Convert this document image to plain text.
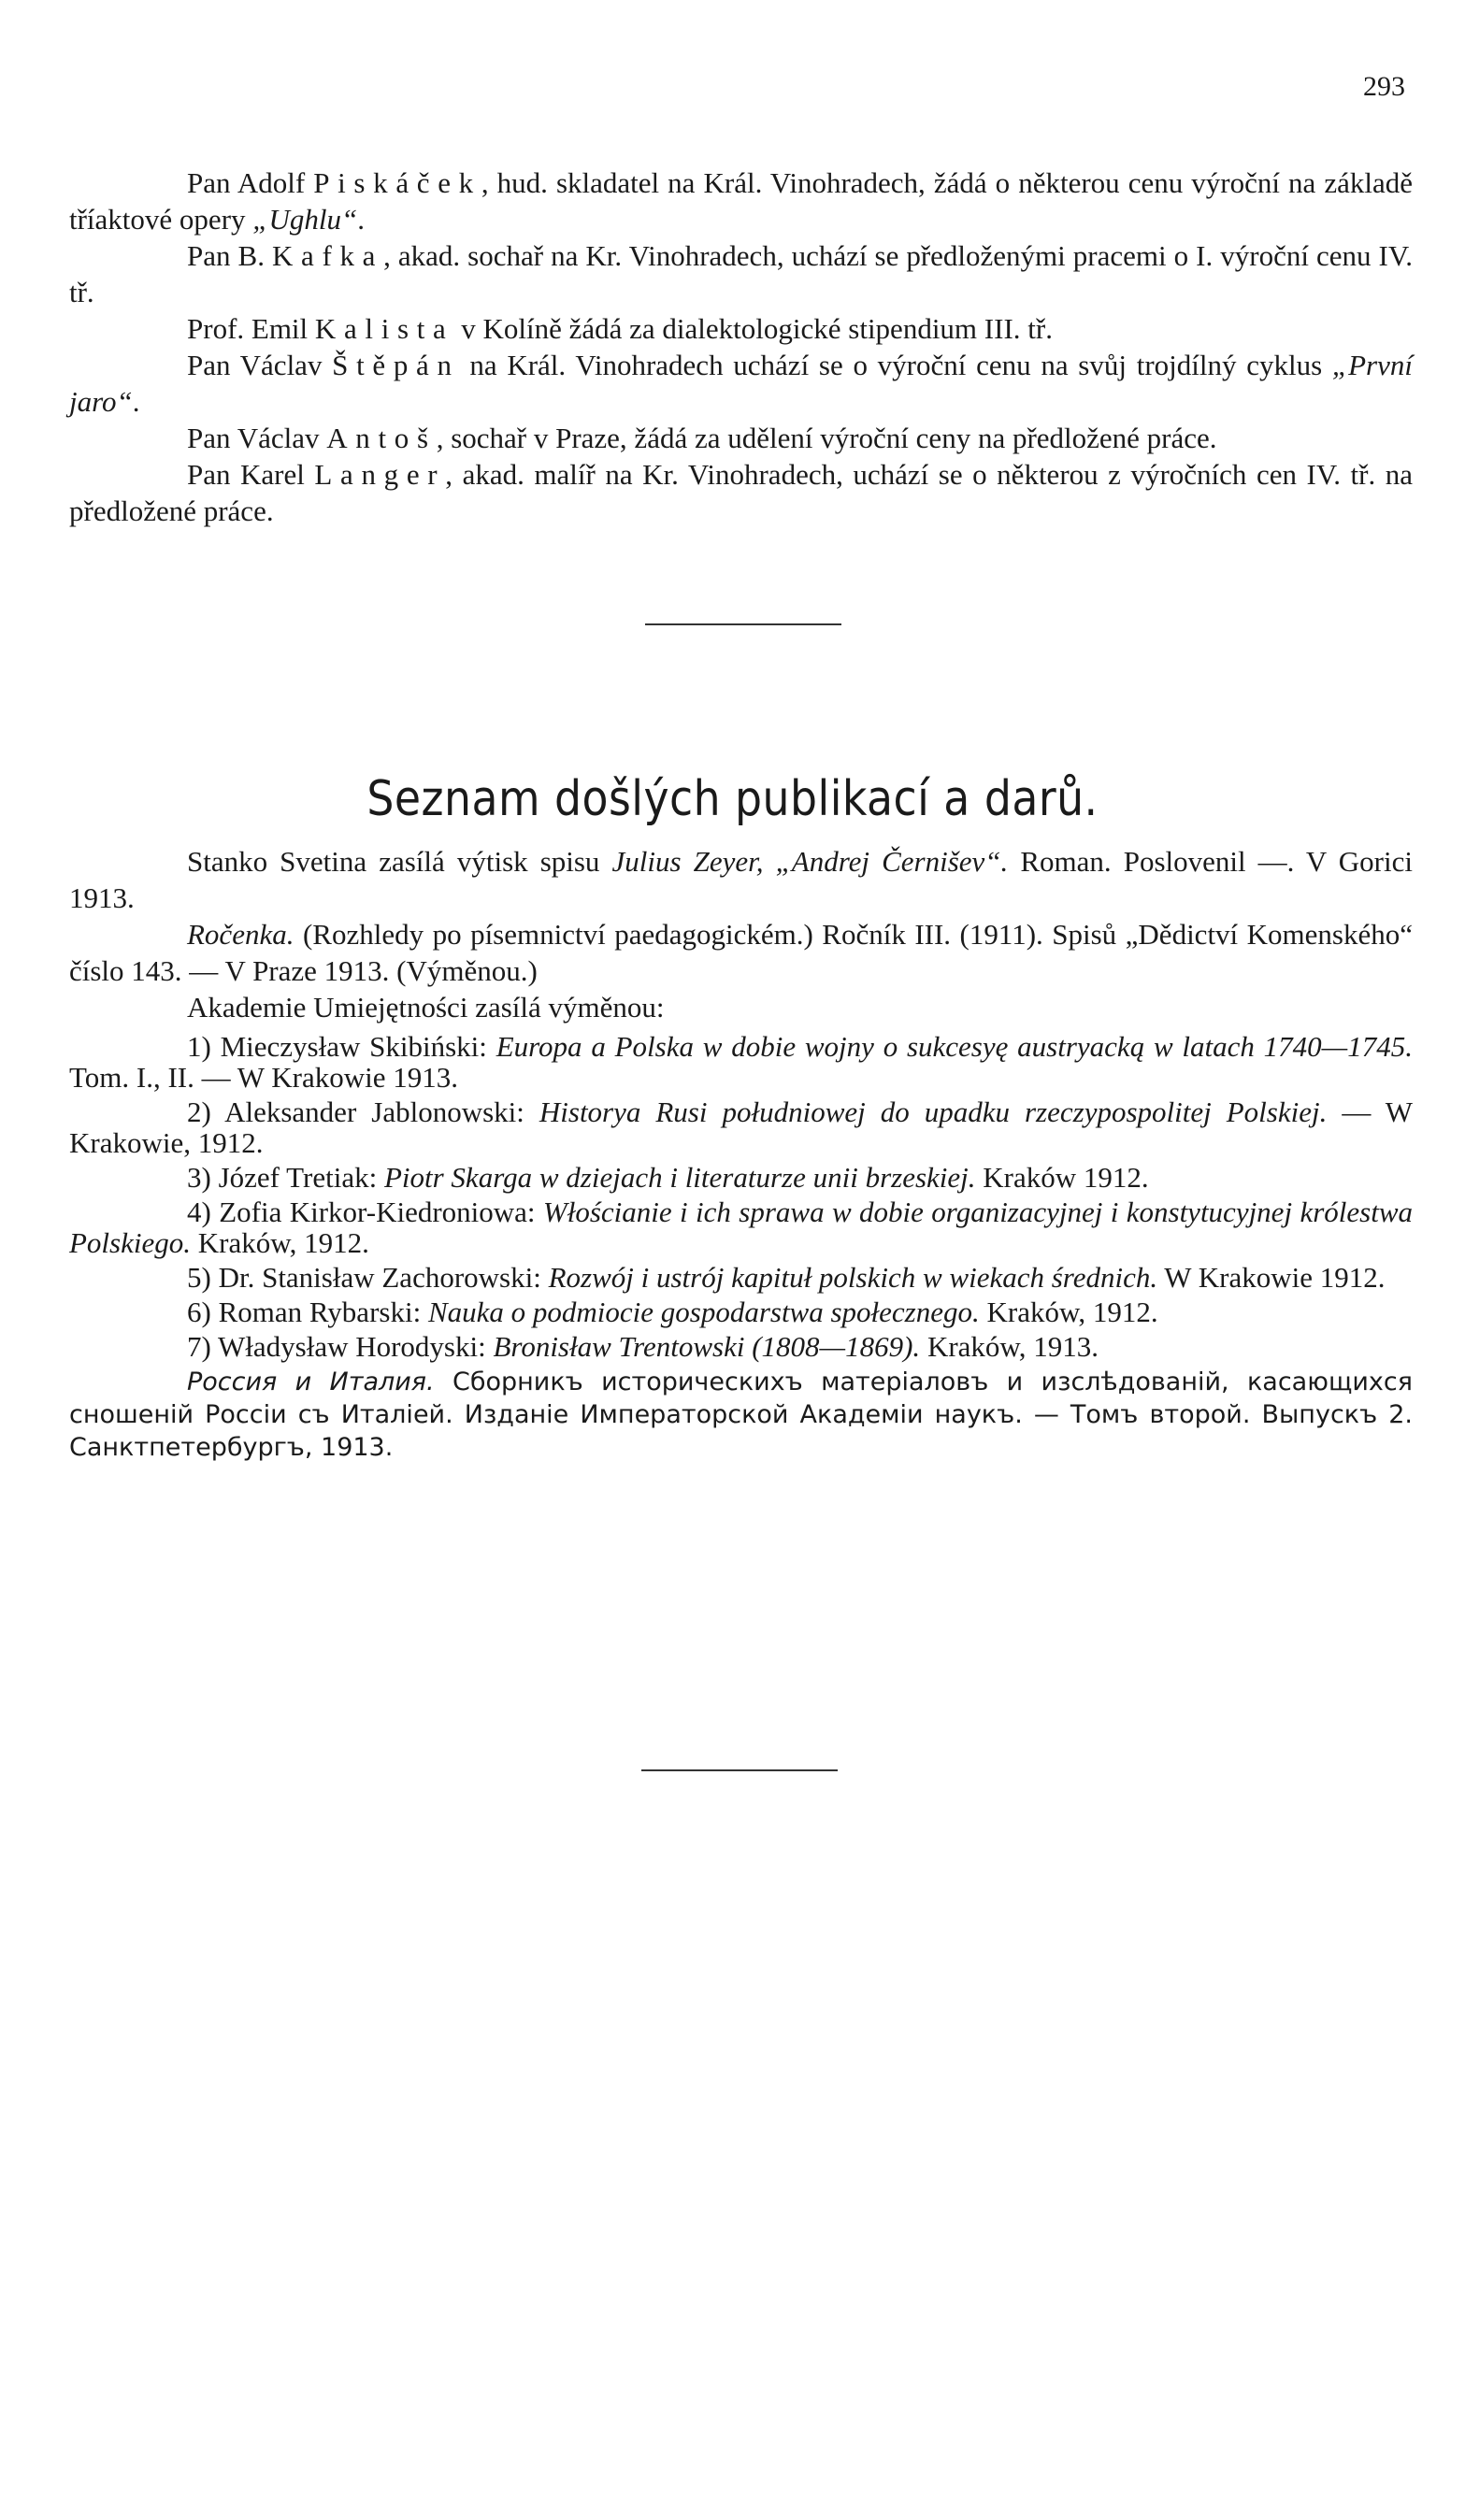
293

Pan Adolf Piskáček, hud. skladatel na Král. Vinohradech, žádá o některou cenu výroční na základě tříaktové opery „Ughlu“.

Pan B. Kafka, akad. sochař na Kr. Vinohradech, uchází se předloženými pracemi o I. výroční cenu IV. tř.

Prof. Emil Kalista v Kolíně žádá za dialektologické stipendium III. tř.

Pan Václav Štěpán na Král. Vinohradech uchází se o výroční cenu na svůj trojdílný cyklus „První jaro“.

Pan Václav Antoš, sochař v Praze, žádá za udělení výroční ceny na předložené práce.

Pan Karel Langer, akad. malíř na Kr. Vinohradech, uchází se o některou z výročních cen IV. tř. na předložené práce.

Seznam došlých publikací a darů.

Stanko Svetina zasílá výtisk spisu Julius Zeyer, „Andrej Černišev“. Roman. Poslovenil —. V Gorici 1913.

Ročenka. (Rozhledy po písemnictví paedagogickém.) Ročník III. (1911). Spisů „Dědictví Komenského“ číslo 143. — V Praze 1913. (Výměnou.)

Akademie Umiejętności zasílá výměnou:

1) Mieczysław Skibiński: Europa a Polska w dobie wojny o sukcesyę austryacką w latach 1740—1745. Tom. I., II. — W Krakowie 1913.

2) Aleksander Jablonowski: Historya Rusi południowej do upadku rzeczypospolitej Polskiej. — W Krakowie, 1912.

3) Józef Tretiak: Piotr Skarga w dziejach i literaturze unii brzeskiej. Kraków 1912.

4) Zofia Kirkor-Kiedroniowa: Włościanie i ich sprawa w dobie organizacyjnej i konstytucyjnej królestwa Polskiego. Kraków, 1912.

5) Dr. Stanisław Zachorowski: Rozwój i ustrój kapituł polskich w wiekach średnich. W Krakowie 1912.

6) Roman Rybarski: Nauka o podmiocie gospodarstwa społecznego. Kraków, 1912.

7) Władysław Horodyski: Bronisław Trentowski (1808—1869). Kraków, 1913.

Россия и Италия. Сборникъ историческихъ матеріаловъ и изслѣдованій, касающихся сношеній Россіи съ Италіей. Изданіе Императорской Академіи наукъ. — Томъ второй. Выпускъ 2. Санктпетербургъ, 1913.
